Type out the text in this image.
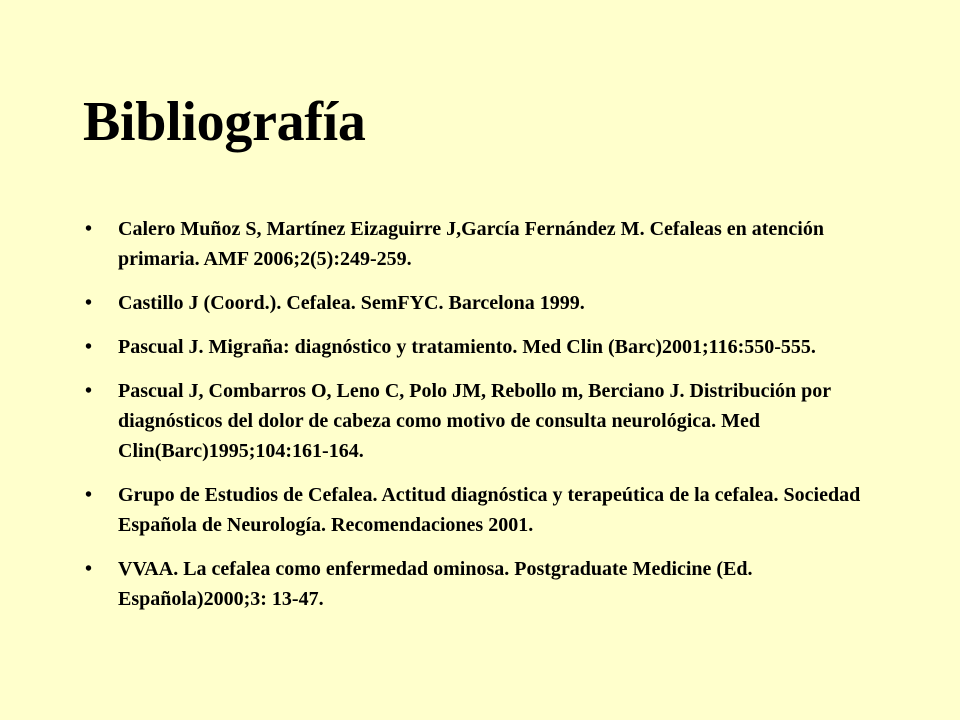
Bibliografía
• Calero Muñoz S, Martínez Eizaguirre J,García Fernández M. Cefaleas en atención primaria. AMF 2006;2(5):249-259.
• Castillo J (Coord.). Cefalea. SemFYC. Barcelona 1999.
• Pascual J. Migraña: diagnóstico y tratamiento. Med Clin (Barc)2001;116:550-555.
• Pascual J, Combarros O, Leno C, Polo JM, Rebollo m, Berciano J. Distribución por diagnósticos del dolor de cabeza como motivo de consulta neurológica. Med Clin(Barc)1995;104:161-164.
• Grupo de Estudios de Cefalea. Actitud diagnóstica y terapeútica de la cefalea. Sociedad Española de Neurología. Recomendaciones 2001.
• VVAA. La cefalea como enfermedad ominosa. Postgraduate Medicine (Ed. Española)2000;3: 13-47.
